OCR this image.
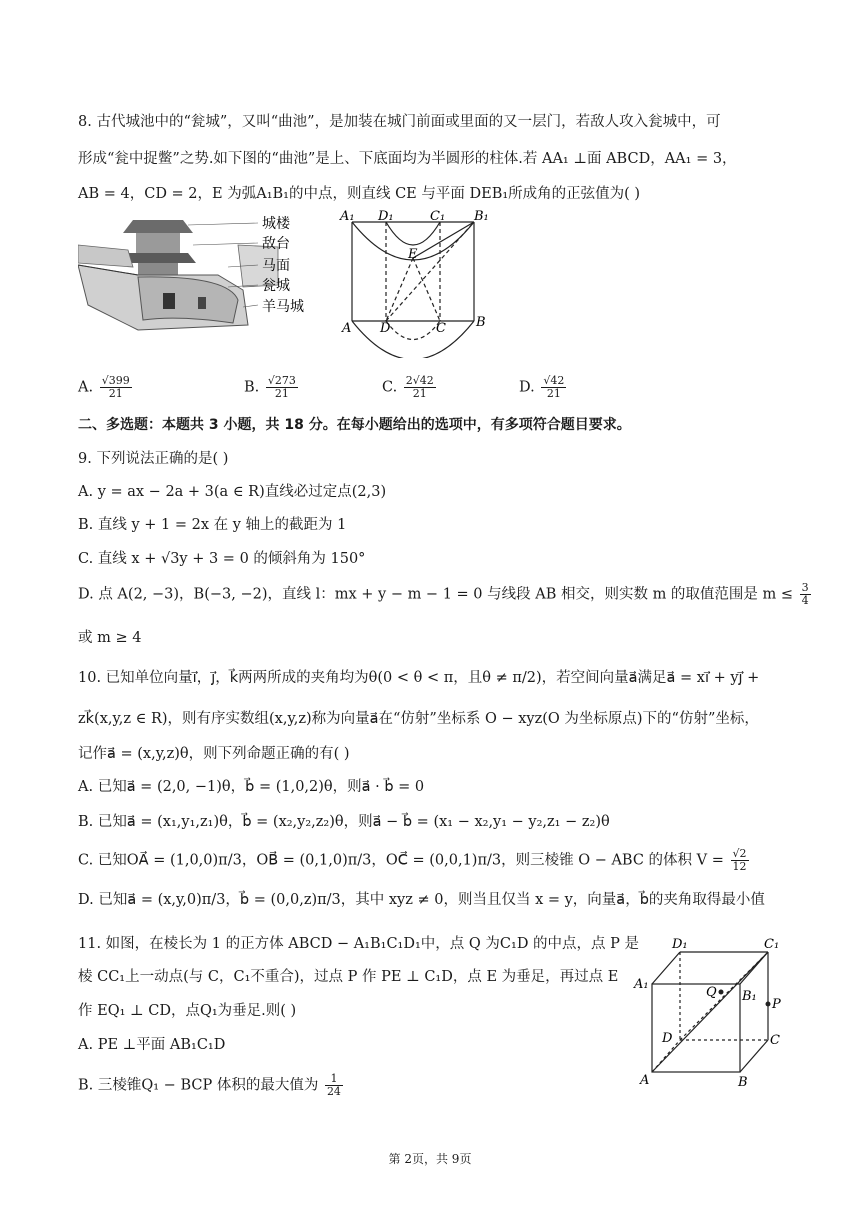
8. 古代城池中的“瓮城”，又叫“曲池”，是加装在城门前面或里面的又一层门，若敌人攻入瓮城中，可
形成“瓮中捉鳖”之势.如下图的“曲池”是上、下底面均为半圆形的柱体.若 AA₁ ⊥面 ABCD，AA₁ = 3，
AB = 4，CD = 2，E 为弧A₁B₁的中点，则直线 CE 与平面 DEB₁所成角的正弦值为( )
城楼
敌台
马面
瓮城
羊马城
A₁ D₁	C₁ B₁
E
A D	C B
A. $\frac{√399}{21}$	B. $\frac{√273}{21}$	C. $\frac{2√42}{21}$	D. $\frac{√42}{21}$
二、多选题：本题共 3 小题，共 18 分。在每小题给出的选项中，有多项符合题目要求。
9. 下列说法正确的是( )
A. y = ax − 2a + 3(a ∈ R)直线必过定点(2,3)
B. 直线 y + 1 = 2x 在 y 轴上的截距为 1
C. 直线 x + √3y + 3 = 0 的倾斜角为 150°
D. 点 A(2, −3)，B(−3, −2)，直线 l：mx + y − m − 1 = 0 与线段 AB 相交，则实数 m 的取值范围是 $m \le \frac{3}{4}$
或 m ≥ 4
10. 已知单位向量i⃗，j⃗，k⃗两两所成的夹角均为θ(0 < θ < π，且θ ≠ π/2)，若空间向量a⃗满足a⃗ = xi⃗ + yj⃗ +
zk⃗(x,y,z ∈ R)，则有序实数组(x,y,z)称为向量a⃗在“仿射”坐标系 O − xyz(O 为坐标原点)下的“仿射”坐标，
记作a⃗ = (x,y,z)θ，则下列命题正确的有( )
A. 已知a⃗ = (2,0, −1)θ，b⃗ = (1,0,2)θ，则a⃗ · b⃗ = 0
B. 已知a⃗ = (x₁,y₁,z₁)θ，b⃗ = (x₂,y₂,z₂)θ，则a⃗ − b⃗ = (x₁ − x₂,y₁ − y₂,z₁ − z₂)θ
C. 已知OA⃗ = (1,0,0)π/3，OB⃗ = (0,1,0)π/3，OC⃗ = (0,0,1)π/3，则三棱锥 O − ABC 的体积 $V = \frac{√2}{12}$
D. 已知a⃗ = (x,y,0)π/3，b⃗ = (0,0,z)π/3，其中 xyz ≠ 0，则当且仅当 x = y，向量a⃗，b⃗的夹角取得最小值
11. 如图，在棱长为 1 的正方体 ABCD − A₁B₁C₁D₁中，点 Q 为C₁D 的中点，点 P 是
棱 CC₁上一动点(与 C，C₁不重合)，过点 P 作 PE ⊥ C₁D，点 E 为垂足，再过点 E
作 EQ₁ ⊥ CD，点Q₁为垂足.则( )
A. PE ⊥平面 AB₁C₁D
B. 三棱锥Q₁ − BCP 体积的最大值为 $\frac{1}{24}$
D₁	C₁
A₁
B₁
Q
P
D	C
A	B
第 2页，共 9页
